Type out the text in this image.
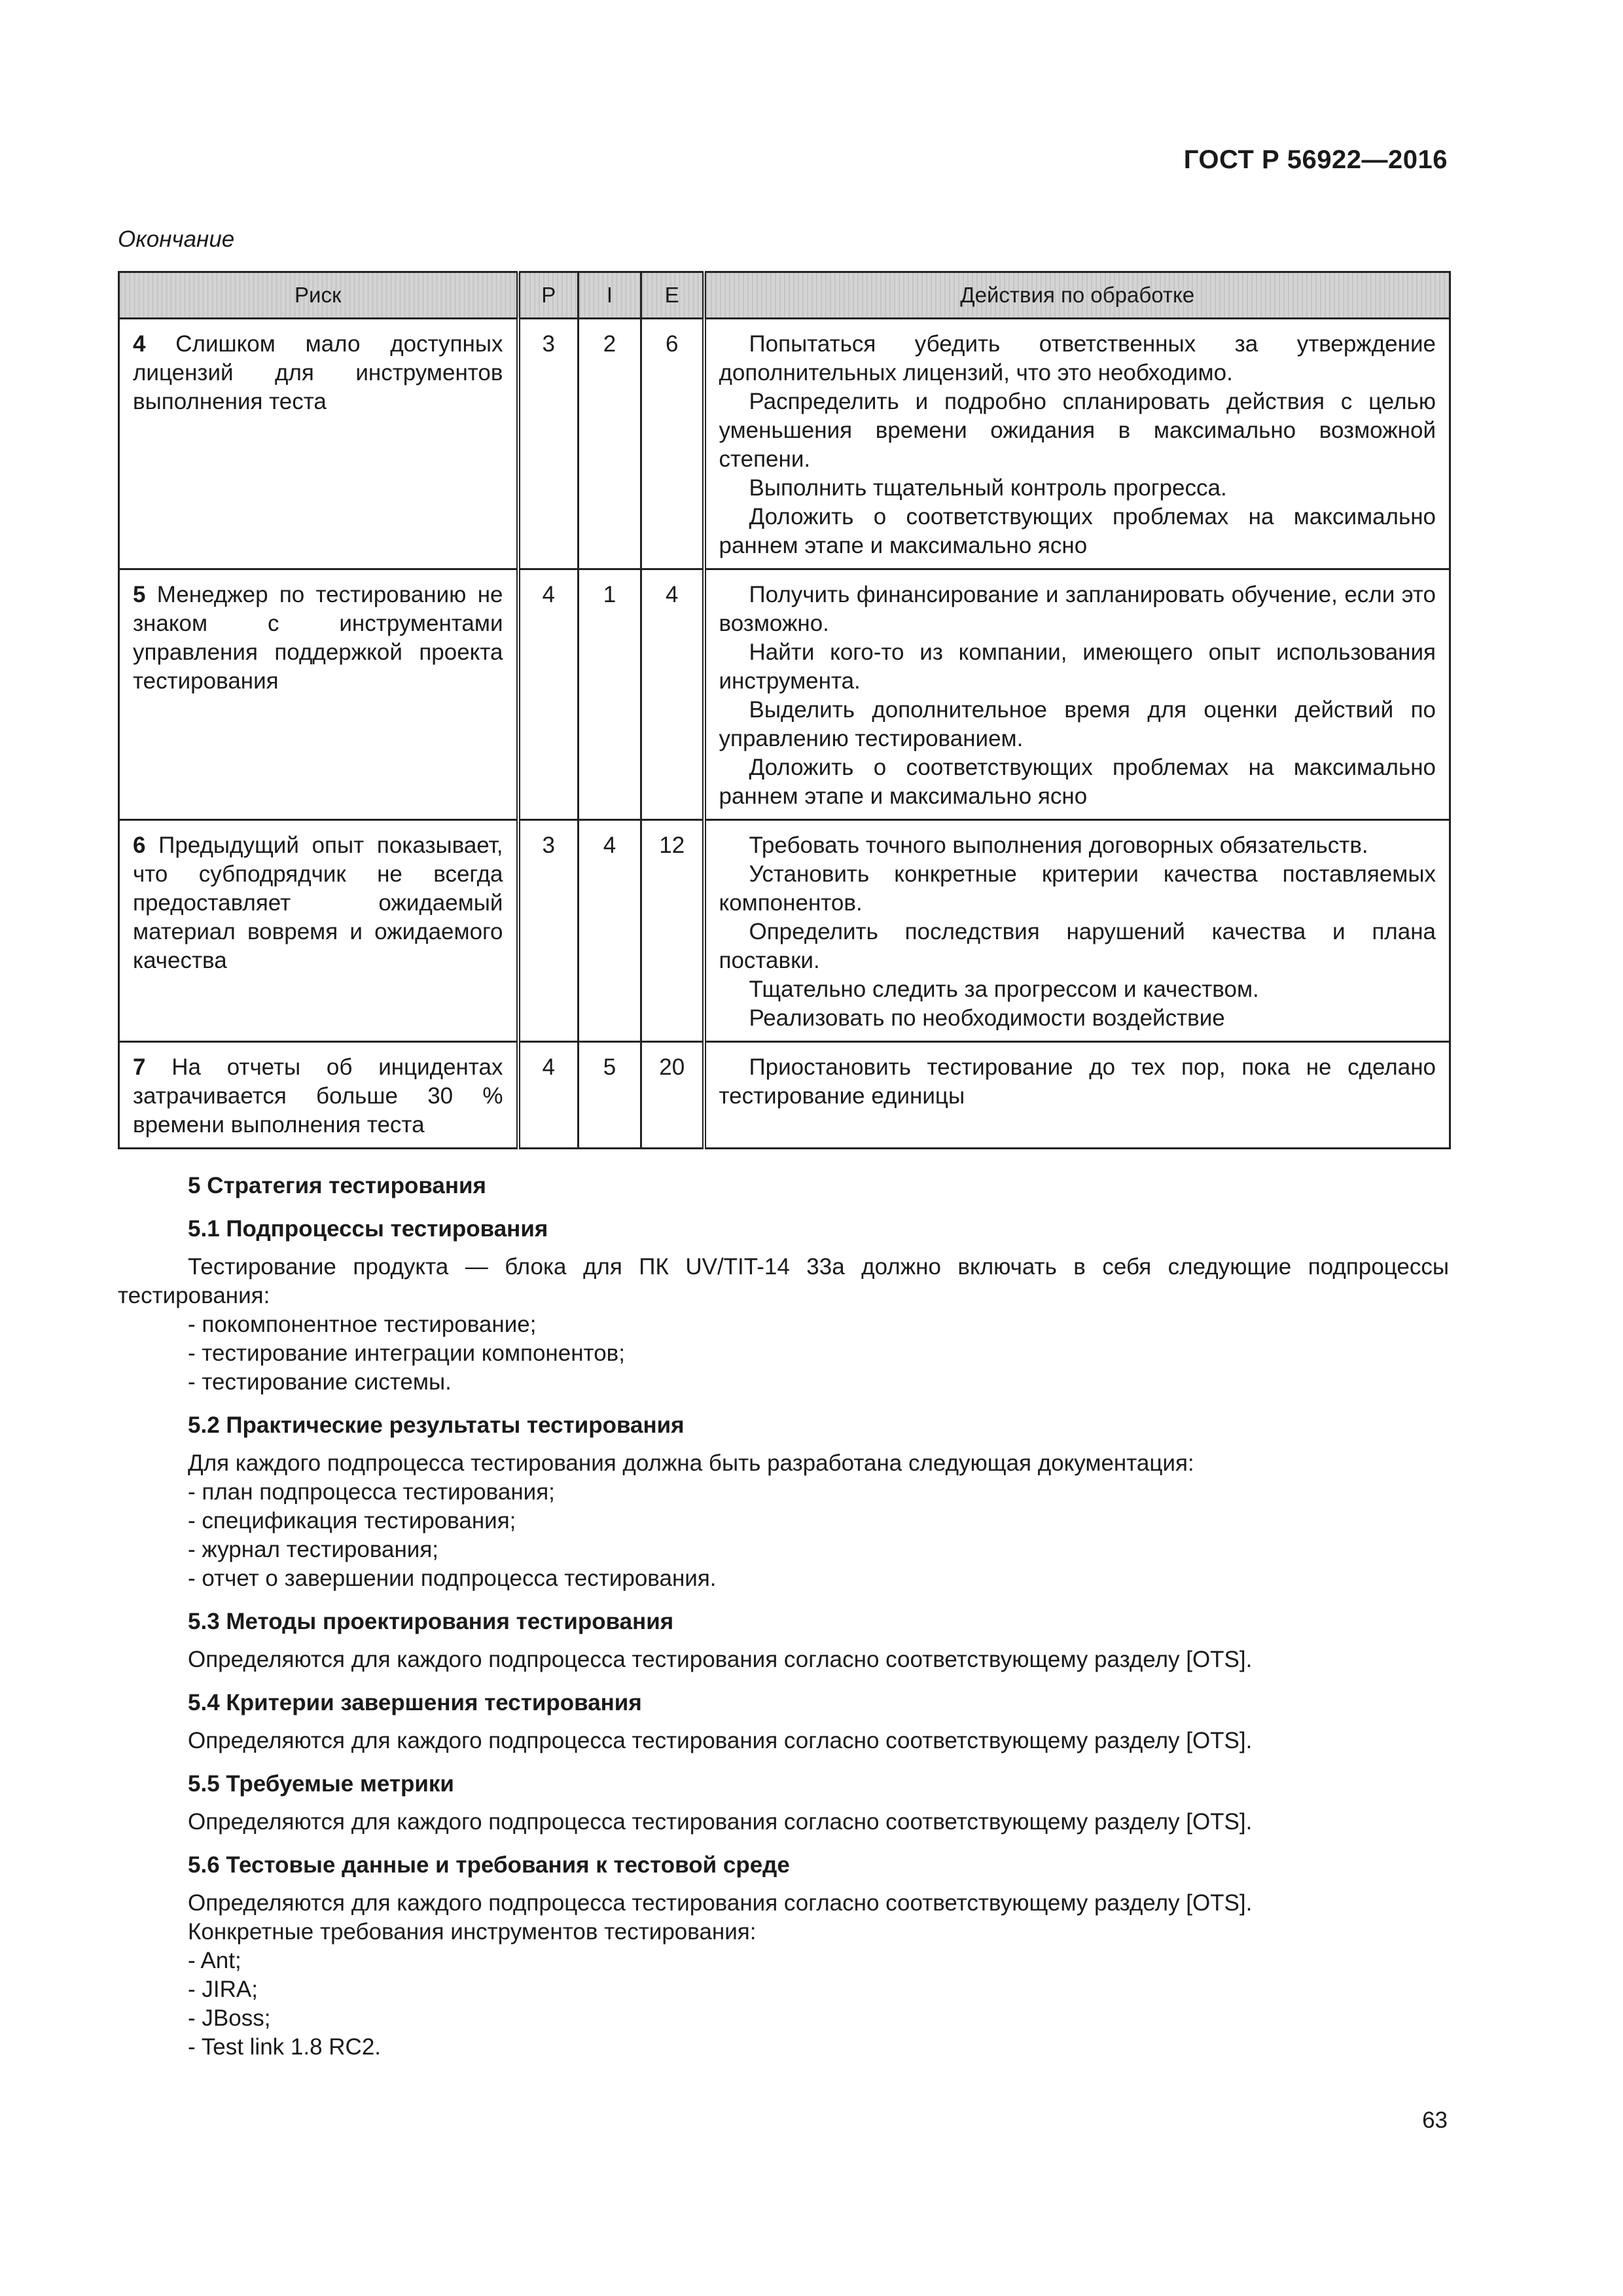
ГОСТ Р 56922—2016
Окончание
Риск	P	I	E	Действия по обработке
4 Слишком мало доступных лицензий для инструментов выполнения теста	3	2	6	Попытаться убедить ответственных за утверждение дополнительных лицензий, что это необходимо.

Распределить и подробно спланировать действия с целью уменьшения времени ожидания в максимально возможной степени.

Выполнить тщательный контроль прогресса.

Доложить о соответствующих проблемах на максимально раннем этапе и максимально ясно

5 Менеджер по тестированию не знаком с инструментами управления поддержкой проекта тестирования	4	1	4	Получить финансирование и запланировать обучение, если это возможно.

Найти кого-то из компании, имеющего опыт использования инструмента.

Выделить дополнительное время для оценки действий по управлению тестированием.

Доложить о соответствующих проблемах на максимально раннем этапе и максимально ясно

6 Предыдущий опыт показывает, что субподрядчик не всегда предоставляет ожидаемый материал вовремя и ожидаемого качества	3	4	12	Требовать точного выполнения договорных обязательств.

Установить конкретные критерии качества поставляемых компонентов.

Определить последствия нарушений качества и плана поставки.

Тщательно следить за прогрессом и качеством.

Реализовать по необходимости воздействие

7 На отчеты об инцидентах затрачивается больше 30 % времени выполнения теста	4	5	20	Приостановить тестирование до тех пор, пока не сделано тестирование единицы

5 Стратегия тестирования

5.1 Подпроцессы тестирования

Тестирование продукта — блока для ПК UV/TIT-14 33a должно включать в себя следующие подпроцессы тестирования:

- покомпонентное тестирование;

- тестирование интеграции компонентов;

- тестирование системы.

5.2 Практические результаты тестирования

Для каждого подпроцесса тестирования должна быть разработана следующая документация:

- план подпроцесса тестирования;

- спецификация тестирования;

- журнал тестирования;

- отчет о завершении подпроцесса тестирования.

5.3 Методы проектирования тестирования

Определяются для каждого подпроцесса тестирования согласно соответствующему разделу [OTS].

5.4 Критерии завершения тестирования

Определяются для каждого подпроцесса тестирования согласно соответствующему разделу [OTS].

5.5 Требуемые метрики

Определяются для каждого подпроцесса тестирования согласно соответствующему разделу [OTS].

5.6 Тестовые данные и требования к тестовой среде

Определяются для каждого подпроцесса тестирования согласно соответствующему разделу [OTS].

Конкретные требования инструментов тестирования:

- Ant;

- JIRA;

- JBoss;

- Test link 1.8 RC2.

63
